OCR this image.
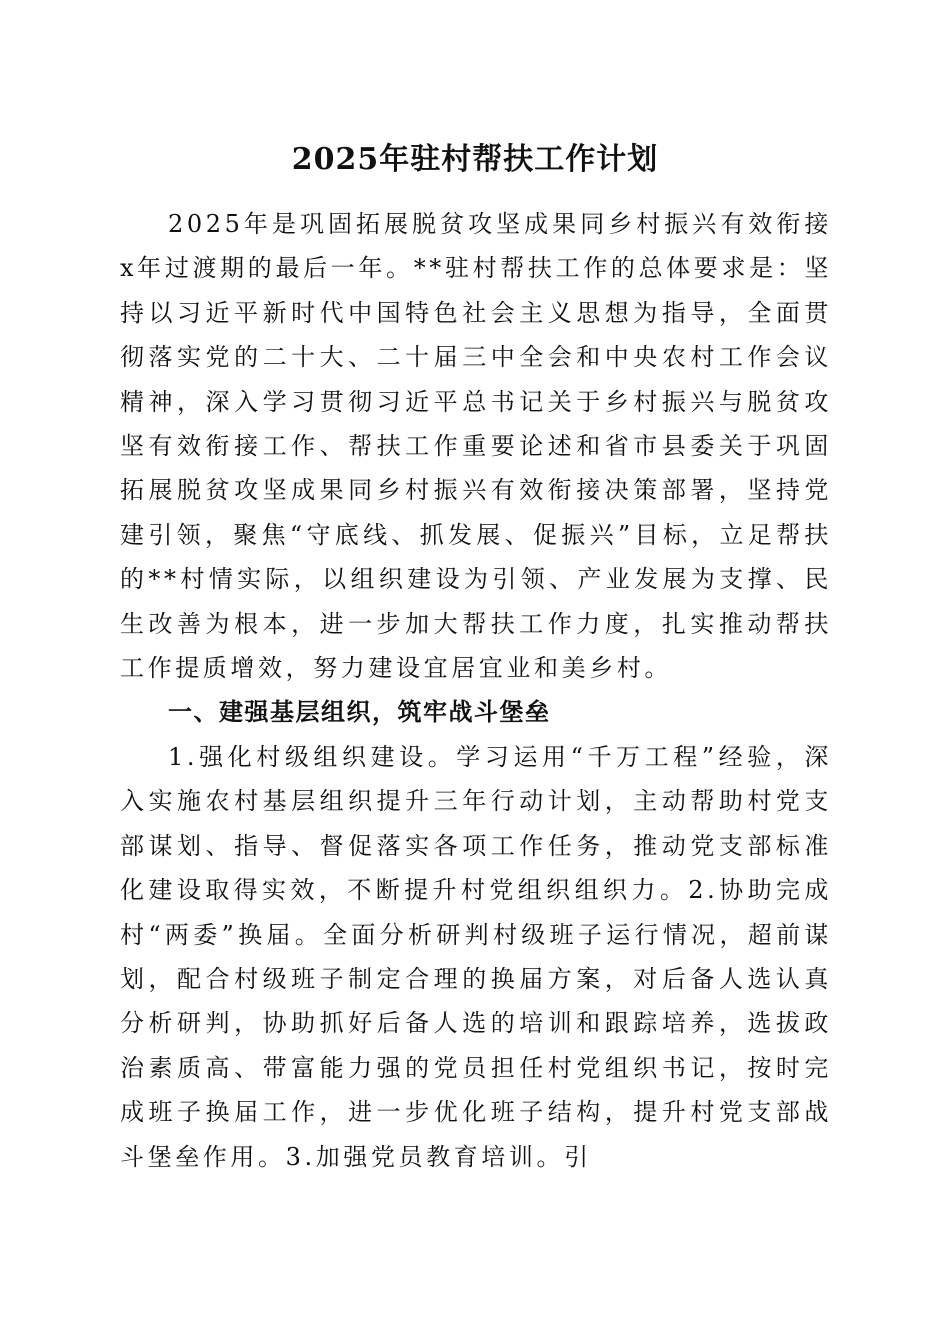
2025年驻村帮扶工作计划

2025年是巩固拓展脱贫攻坚成果同乡村振兴有效衔接x年过渡期的最后一年。**驻村帮扶工作的总体要求是：坚持以习近平新时代中国特色社会主义思想为指导，全面贯彻落实党的二十大、二十届三中全会和中央农村工作会议精神，深入学习贯彻习近平总书记关于乡村振兴与脱贫攻坚有效衔接工作、帮扶工作重要论述和省市县委关于巩固拓展脱贫攻坚成果同乡村振兴有效衔接决策部署，坚持党建引领，聚焦“守底线、抓发展、促振兴”目标，立足帮扶的**村情实际，以组织建设为引领、产业发展为支撑、民生改善为根本，进一步加大帮扶工作力度，扎实推动帮扶工作提质增效，努力建设宜居宜业和美乡村。

一、建强基层组织，筑牢战斗堡垒

1.强化村级组织建设。学习运用“千万工程”经验，深入实施农村基层组织提升三年行动计划，主动帮助村党支部谋划、指导、督促落实各项工作任务，推动党支部标准化建设取得实效，不断提升村党组织组织力。2.协助完成村“两委”换届。全面分析研判村级班子运行情况，超前谋划，配合村级班子制定合理的换届方案，对后备人选认真分析研判，协助抓好后备人选的培训和跟踪培养，选拔政治素质高、带富能力强的党员担任村党组织书记，按时完成班子换届工作，进一步优化班子结构，提升村党支部战斗堡垒作用。3.加强党员教育培训。引
